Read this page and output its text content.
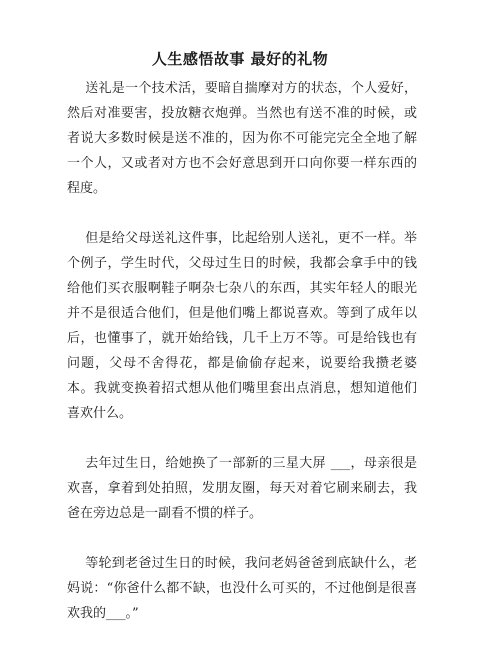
人生感悟故事 最好的礼物

送礼是一个技术活，要暗自揣摩对方的状态，个人爱好，然后对准要害，投放糖衣炮弹。当然也有送不准的时候，或者说大多数时候是送不准的，因为你不可能完完全全地了解一个人，又或者对方也不会好意思到开口向你要一样东西的程度。

但是给父母送礼这件事，比起给别人送礼，更不一样。举个例子，学生时代，父母过生日的时候，我都会拿手中的钱给他们买衣服啊鞋子啊杂七杂八的东西，其实年轻人的眼光并不是很适合他们，但是他们嘴上都说喜欢。等到了成年以后，也懂事了，就开始给钱，几千上万不等。可是给钱也有问题，父母不舍得花，都是偷偷存起来，说要给我攒老婆本。我就变换着招式想从他们嘴里套出点消息，想知道他们喜欢什么。

去年过生日，给她换了一部新的三星大屏 ___，母亲很是欢喜，拿着到处拍照，发朋友圈，每天对着它刷来刷去，我爸在旁边总是一副看不惯的样子。

等轮到老爸过生日的时候，我问老妈爸爸到底缺什么，老妈说：“你爸什么都不缺，也没什么可买的，不过他倒是很喜欢我的___。”
